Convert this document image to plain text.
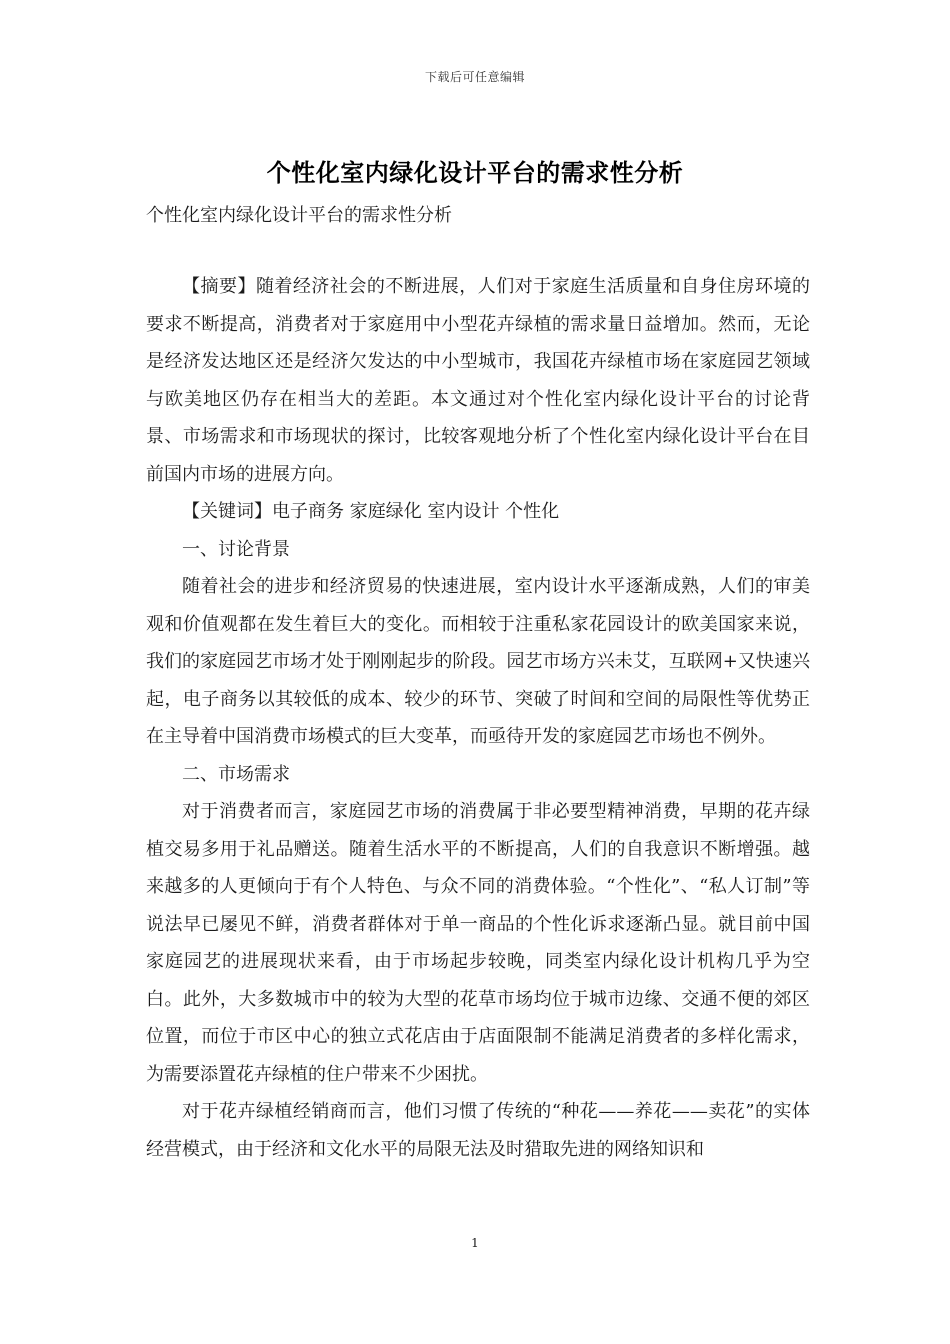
下载后可任意编辑
个性化室内绿化设计平台的需求性分析
个性化室内绿化设计平台的需求性分析

【摘要】随着经济社会的不断进展，人们对于家庭生活质量和自身住房环境的要求不断提高，消费者对于家庭用中小型花卉绿植的需求量日益增加。然而，无论是经济发达地区还是经济欠发达的中小型城市，我国花卉绿植市场在家庭园艺领域与欧美地区仍存在相当大的差距。本文通过对个性化室内绿化设计平台的讨论背景、市场需求和市场现状的探讨，比较客观地分析了个性化室内绿化设计平台在目前国内市场的进展方向。

【关键词】电子商务 家庭绿化 室内设计 个性化

一、讨论背景

随着社会的进步和经济贸易的快速进展，室内设计水平逐渐成熟，人们的审美观和价值观都在发生着巨大的变化。而相较于注重私家花园设计的欧美国家来说，我们的家庭园艺市场才处于刚刚起步的阶段。园艺市场方兴未艾，互联网+又快速兴起，电子商务以其较低的成本、较少的环节、突破了时间和空间的局限性等优势正在主导着中国消费市场模式的巨大变革，而亟待开发的家庭园艺市场也不例外。

二、市场需求

对于消费者而言，家庭园艺市场的消费属于非必要型精神消费，早期的花卉绿植交易多用于礼品赠送。随着生活水平的不断提高，人们的自我意识不断增强。越来越多的人更倾向于有个人特色、与众不同的消费体验。“个性化”、“私人订制”等说法早已屡见不鲜，消费者群体对于单一商品的个性化诉求逐渐凸显。就目前中国家庭园艺的进展现状来看，由于市场起步较晚，同类室内绿化设计机构几乎为空白。此外，大多数城市中的较为大型的花草市场均位于城市边缘、交通不便的郊区位置，而位于市区中心的独立式花店由于店面限制不能满足消费者的多样化需求，为需要添置花卉绿植的住户带来不少困扰。

对于花卉绿植经销商而言，他们习惯了传统的“种花——养花——卖花”的实体经营模式，由于经济和文化水平的局限无法及时猎取先进的网络知识和

1
